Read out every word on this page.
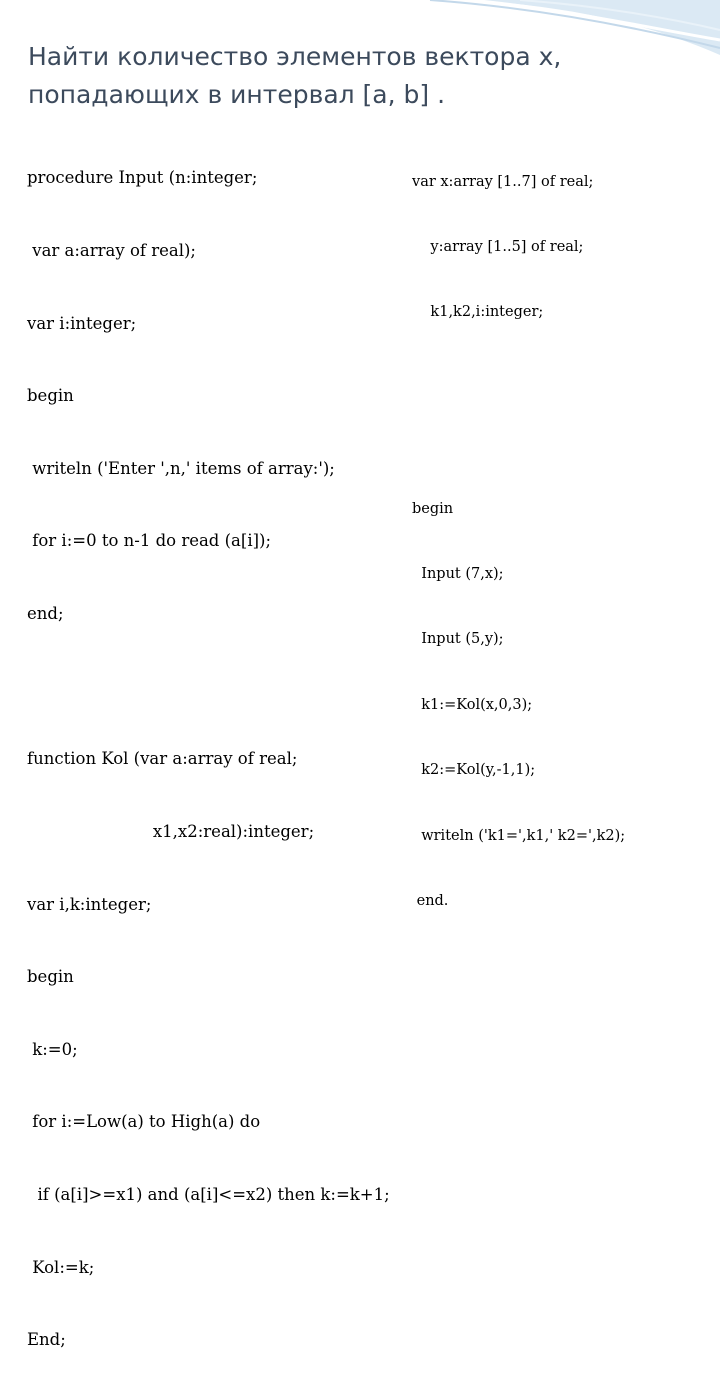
Найти количество элементов вектора x,
попадающих в интервал [a, b] .

procedure Input (n:integer;

var a:array of real);

var i:integer;

begin

writeln ('Enter ',n,' items of array:');

for i:=0 to n-1 do read (a[i]);

end;

function Kol (var a:array of real;

x1,x2:real):integer;

var i,k:integer;

begin

k:=0;

for i:=Low(a) to High(a) do

if (a[i]>=x1) and (a[i]<=x2) then k:=k+1;

Kol:=k;

End;

var x:array [1..7] of real;

y:array [1..5] of real;

k1,k2,i:integer;

begin

Input (7,x);

Input (5,y);

k1:=Kol(x,0,3);

k2:=Kol(y,-1,1);

writeln ('k1=',k1,' k2=',k2);

end.
